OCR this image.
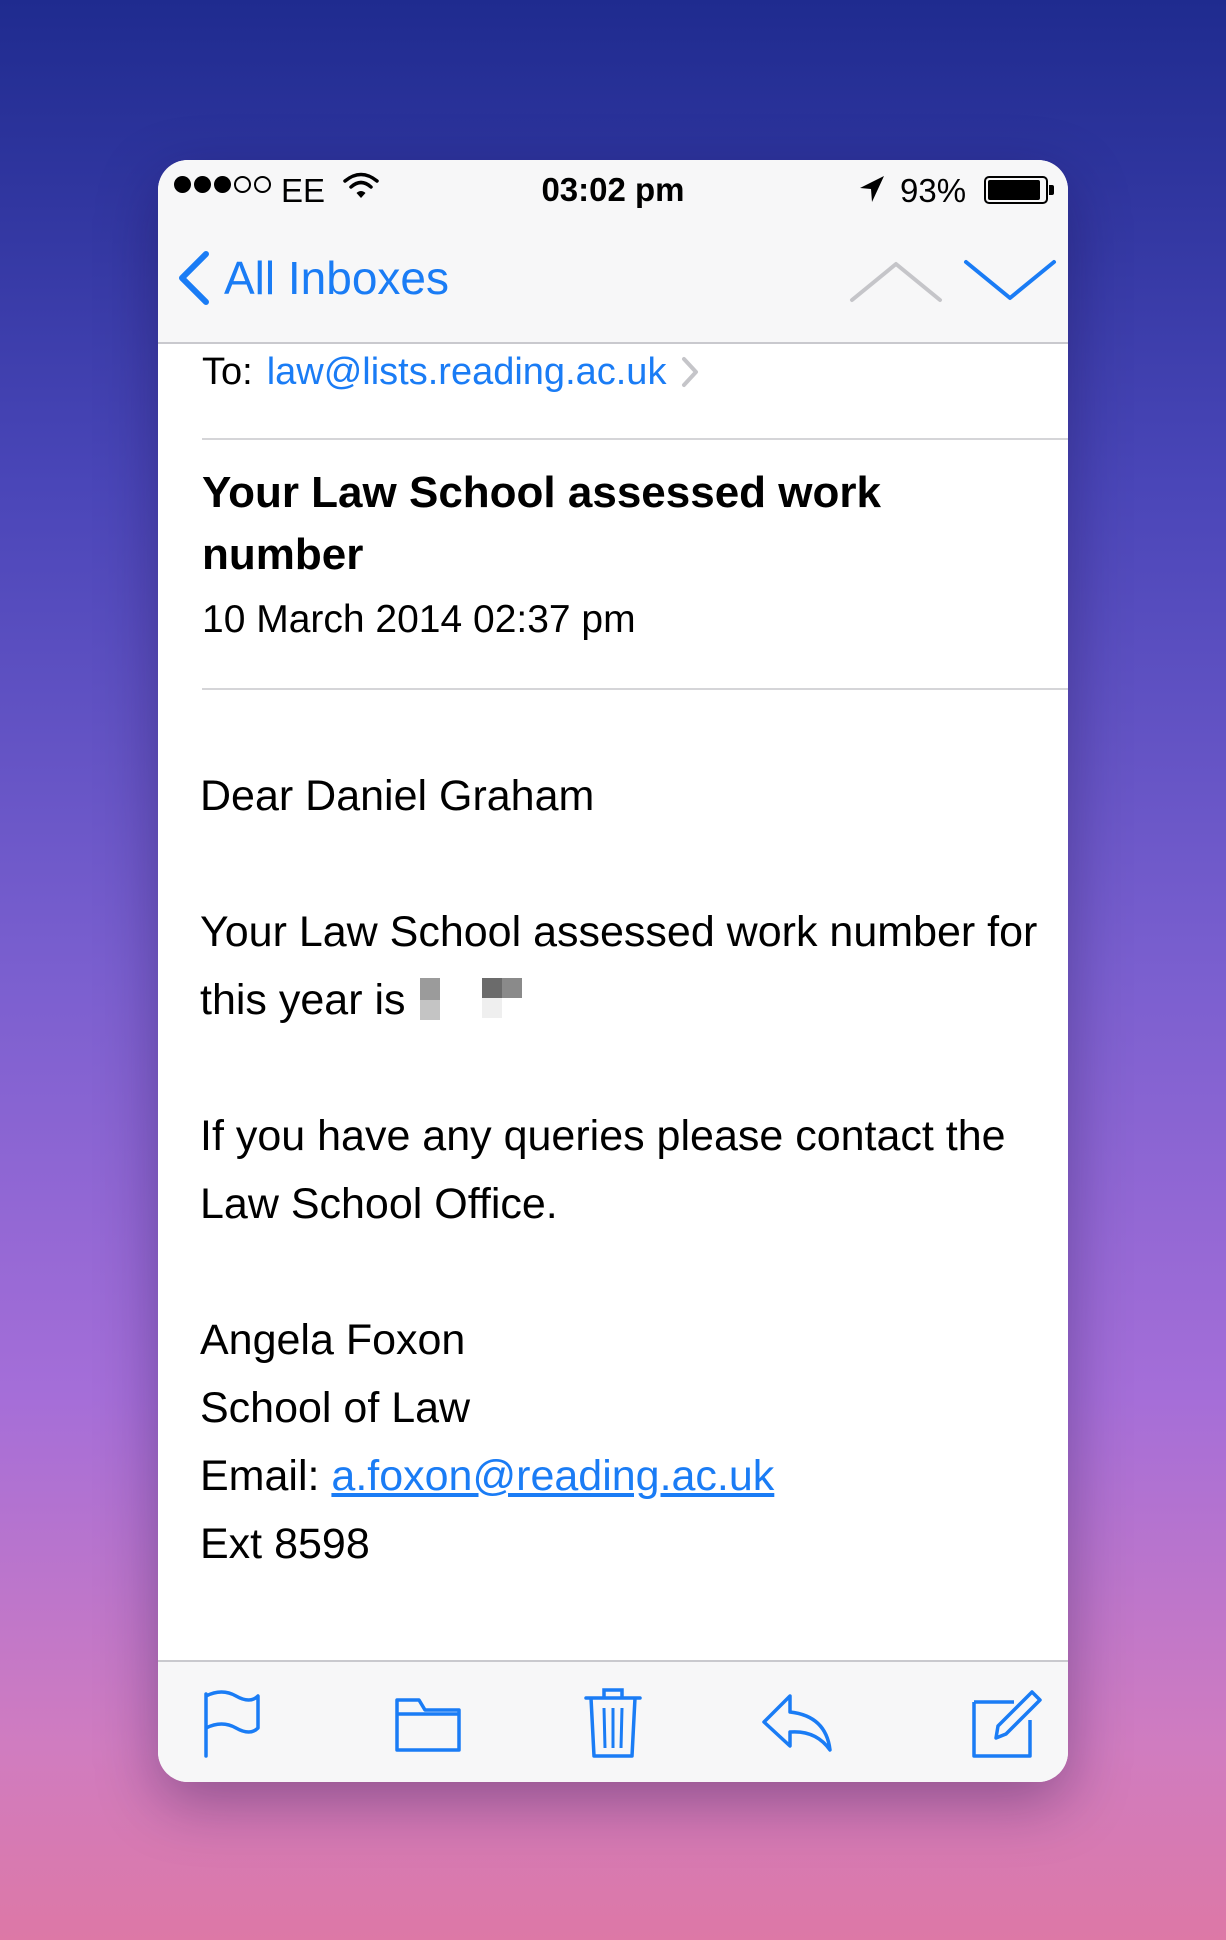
EE	03:02 pm	93%
All Inboxes
To: law@lists.reading.ac.uk
Your Law School assessed work number
10 March 2014 02:37 pm
Dear Daniel Graham
Your Law School assessed work number for this year is
If you have any queries please contact the Law School Office.
Angela Foxon
School of Law
Email: a.foxon@reading.ac.uk
Ext 8598
